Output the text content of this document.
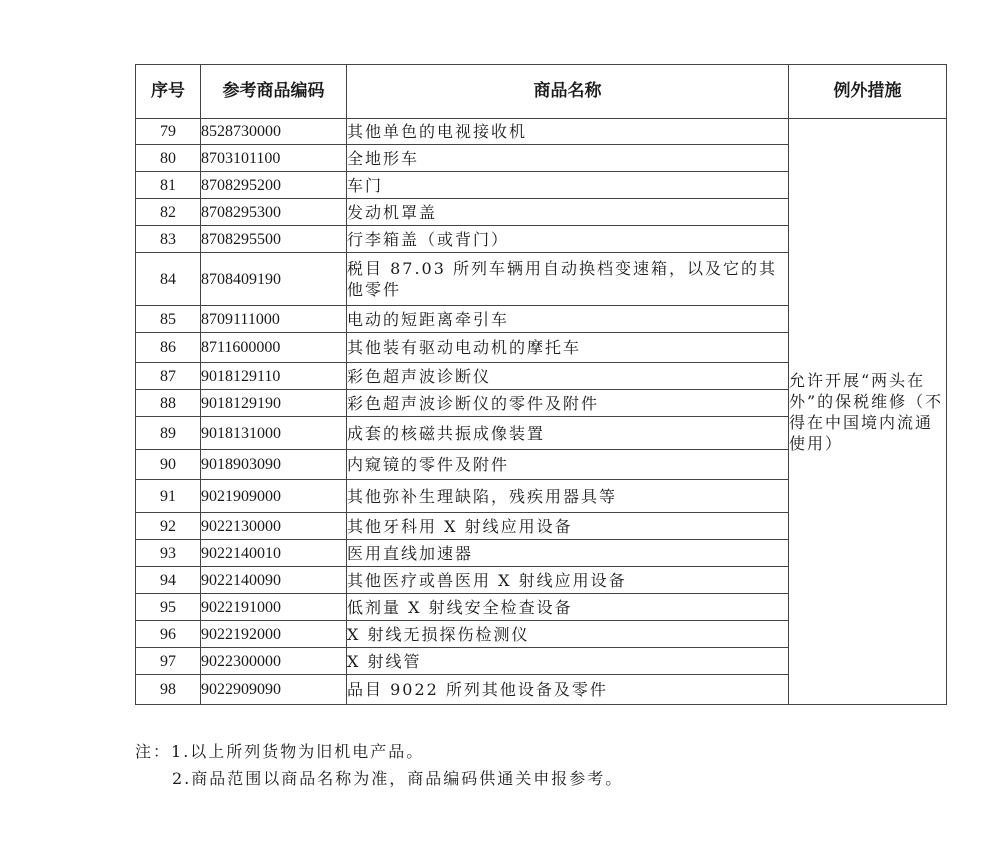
序号	参考商品编码	商品名称	例外措施
79	8528730000	其他单色的电视接收机	允许开展“两头在外”的保税维修（不得在中国境内流通使用）
80	8703101100	全地形车	
81	8708295200	车门	
82	8708295300	发动机罩盖	
83	8708295500	行李箱盖（或背门）	
84	8708409190	税目 87.03 所列车辆用自动换档变速箱，以及它的其他零件	
85	8709111000	电动的短距离牵引车	
86	8711600000	其他装有驱动电动机的摩托车	
87	9018129110	彩色超声波诊断仪	
88	9018129190	彩色超声波诊断仪的零件及附件	
89	9018131000	成套的核磁共振成像装置	
90	9018903090	内窥镜的零件及附件	
91	9021909000	其他弥补生理缺陷，残疾用器具等	
92	9022130000	其他牙科用 X 射线应用设备	
93	9022140010	医用直线加速器	
94	9022140090	其他医疗或兽医用 X 射线应用设备	
95	9022191000	低剂量 X 射线安全检查设备	
96	9022192000	X 射线无损探伤检测仪	
97	9022300000	X 射线管	
98	9022909090	品目 9022 所列其他设备及零件	
注：1.以上所列货物为旧机电产品。
2.商品范围以商品名称为准，商品编码供通关申报参考。
